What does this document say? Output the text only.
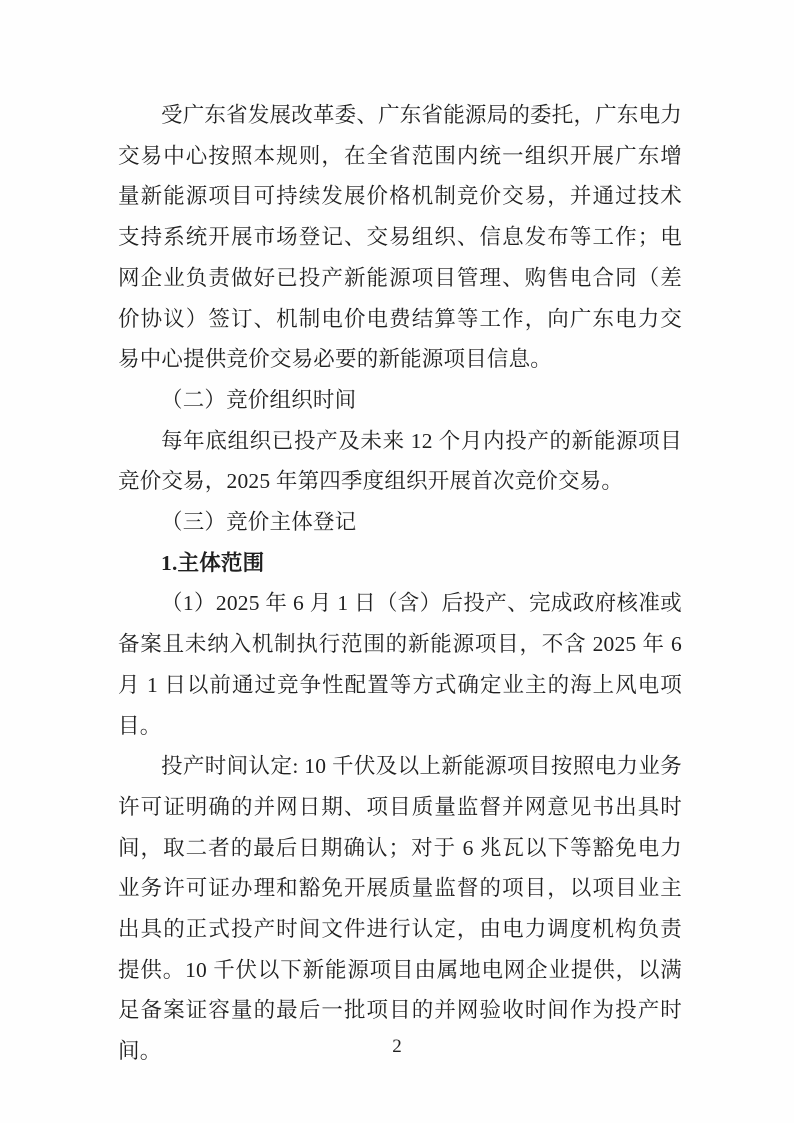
受广东省发展改革委、广东省能源局的委托，广东电力交易中心按照本规则，在全省范围内统一组织开展广东增量新能源项目可持续发展价格机制竞价交易，并通过技术支持系统开展市场登记、交易组织、信息发布等工作；电网企业负责做好已投产新能源项目管理、购售电合同（差价协议）签订、机制电价电费结算等工作，向广东电力交易中心提供竞价交易必要的新能源项目信息。

（二）竞价组织时间

每年底组织已投产及未来 12 个月内投产的新能源项目竞价交易，2025 年第四季度组织开展首次竞价交易。

（三）竞价主体登记

1.主体范围

（1）2025 年 6 月 1 日（含）后投产、完成政府核准或备案且未纳入机制执行范围的新能源项目，不含 2025 年 6 月 1 日以前通过竞争性配置等方式确定业主的海上风电项目。

投产时间认定: 10 千伏及以上新能源项目按照电力业务许可证明确的并网日期、项目质量监督并网意见书出具时间，取二者的最后日期确认；对于 6 兆瓦以下等豁免电力业务许可证办理和豁免开展质量监督的项目，以项目业主出具的正式投产时间文件进行认定，由电力调度机构负责提供。10 千伏以下新能源项目由属地电网企业提供，以满足备案证容量的最后一批项目的并网验收时间作为投产时间。	2
